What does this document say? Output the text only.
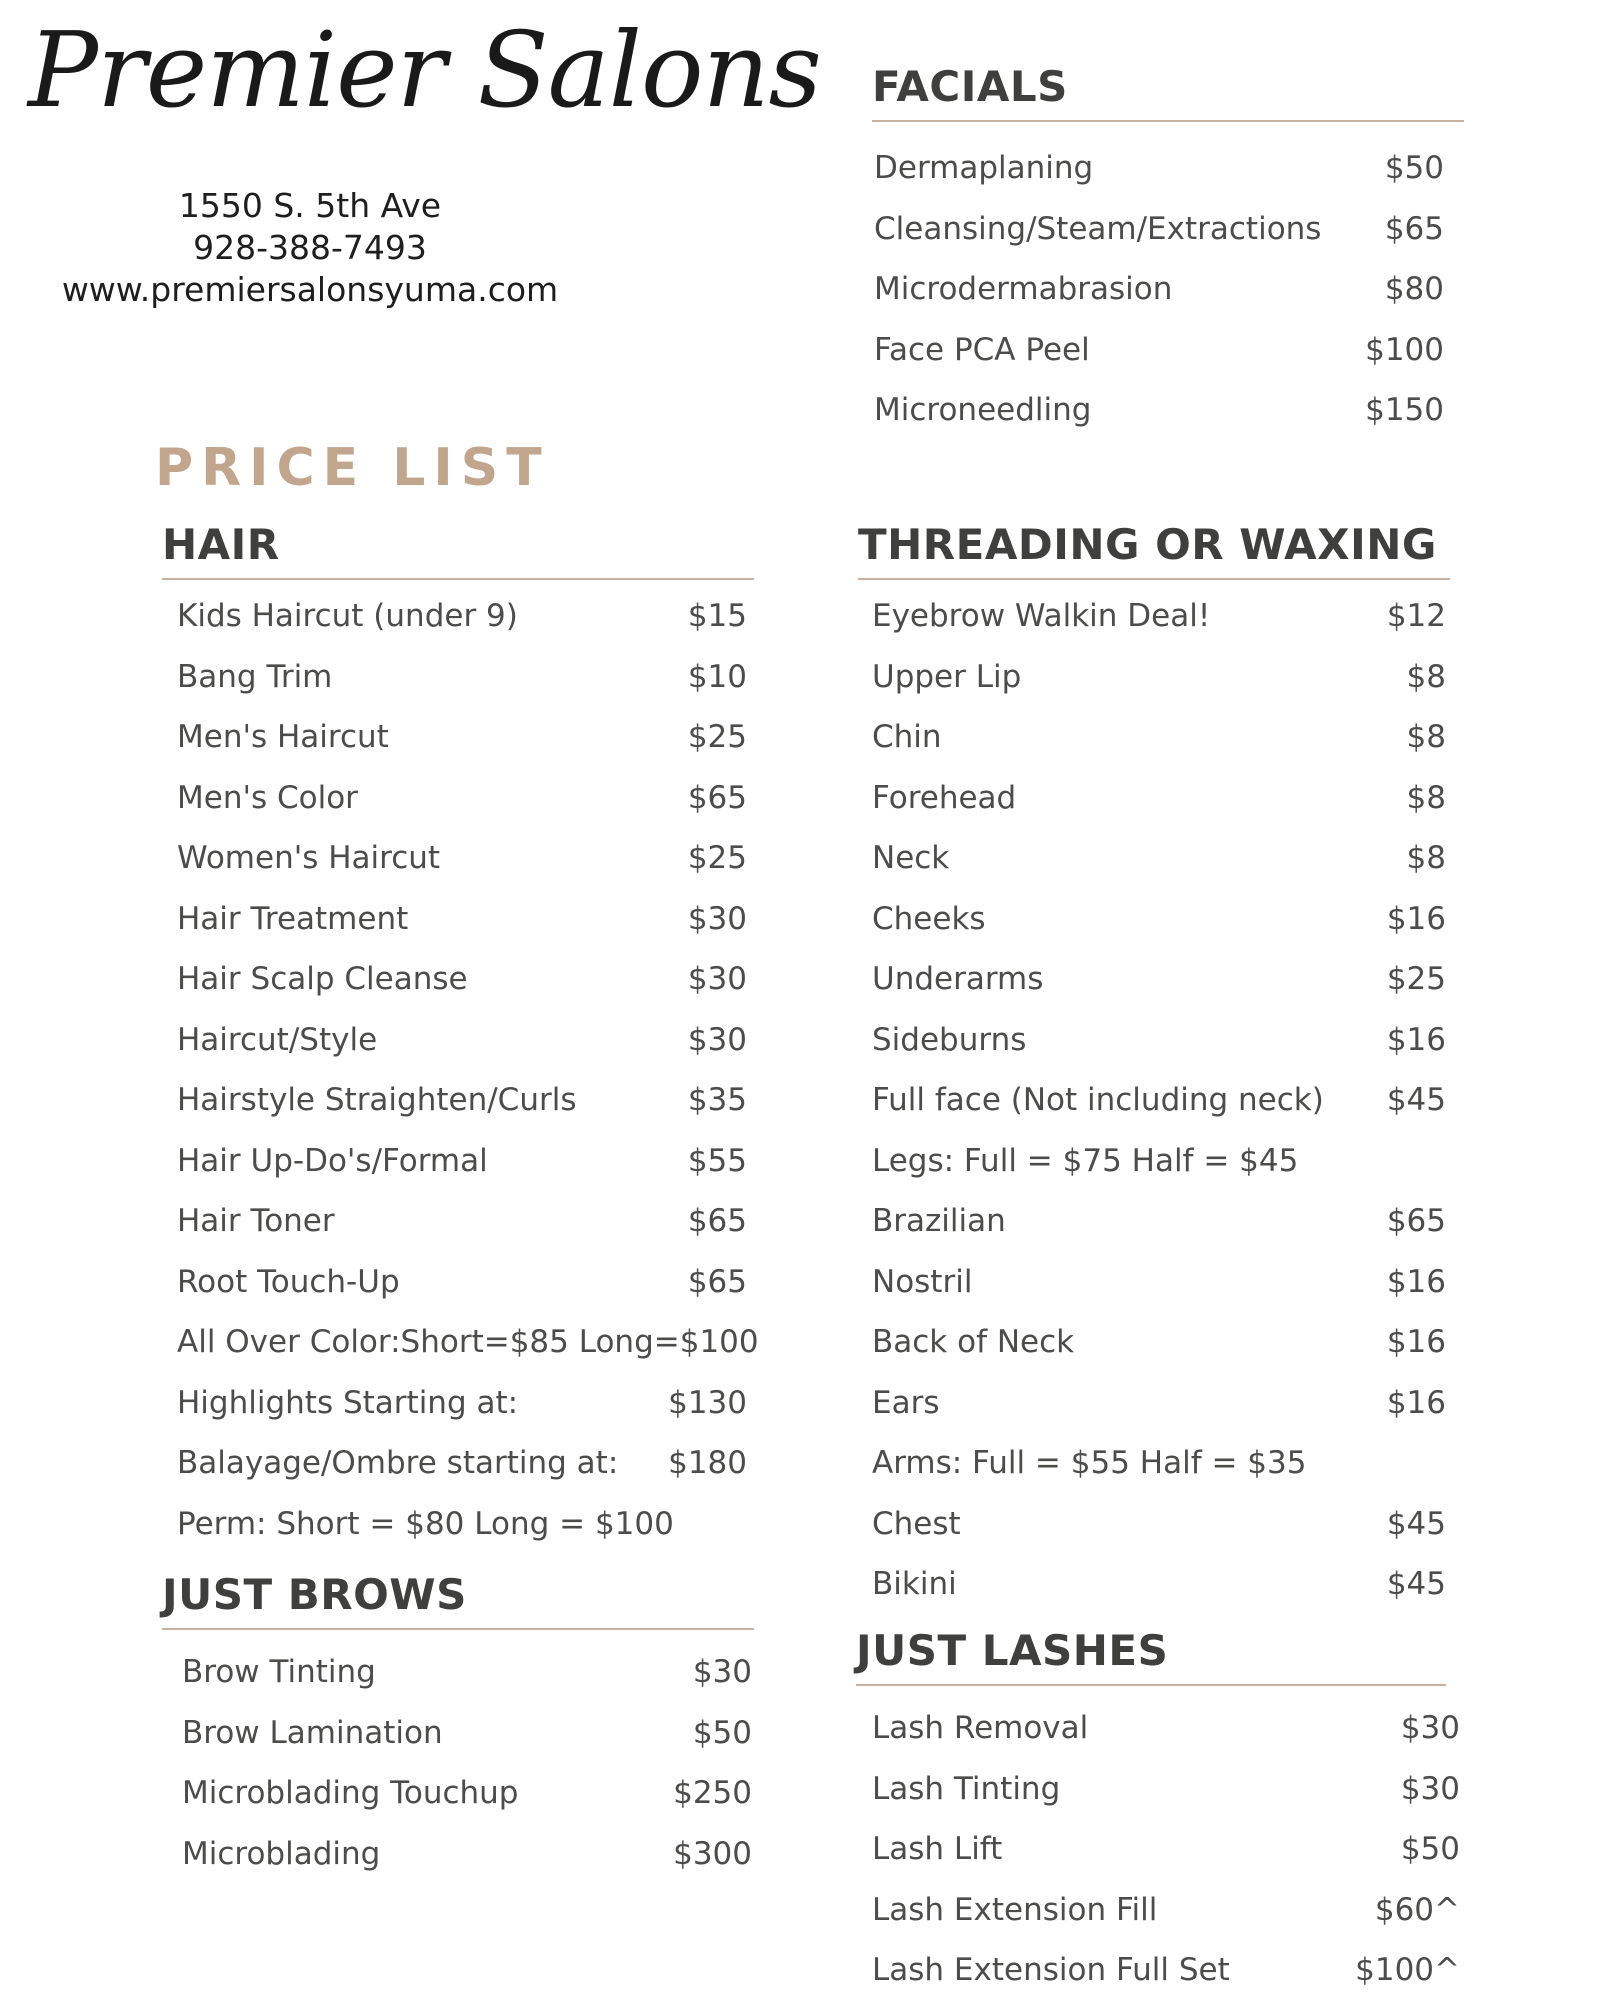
Premier Salons
1550 S. 5th Ave
928-388-7493
www.premiersalonsyuma.com
PRICE LIST
FACIALS
Dermaplaning	$50
Cleansing/Steam/Extractions $65
Microdermabrasion	$80
Face PCA Peel	$100
Microneedling	$150
HAIR
Kids Haircut (under 9)	$15
Bang Trim	$10
Men's Haircut	$25
Men's Color	$65
Women's Haircut	$25
Hair Treatment	$30
Hair Scalp Cleanse	$30
Haircut/Style	$30
Hairstyle Straighten/Curls	$35
Hair Up-Do's/Formal	$55
Hair Toner	$65
Root Touch-Up	$65
All Over Color:Short=$85 Long=$100
Highlights Starting at:	$130
Balayage/Ombre starting at: $180
Perm: Short = $80 Long = $100
THREADING OR WAXING
Eyebrow Walkin Deal!	$12
Upper Lip	$8
Chin	$8
Forehead	$8
Neck	$8
Cheeks	$16
Underarms	$25
Sideburns	$16
Full face (Not including neck) $45
Legs: Full = $75 Half = $45
Brazilian	$65
Nostril	$16
Back of Neck	$16
Ears	$16
Arms: Full = $55 Half = $35
Chest	$45
Bikini	$45
JUST BROWS
Brow Tinting	$30
Brow Lamination	$50
Microblading Touchup	$250
Microblading	$300
JUST LASHES
Lash Removal	$30
Lash Tinting	$30
Lash Lift	$50
Lash Extension Fill	$60^
Lash Extension Full Set	$100^
